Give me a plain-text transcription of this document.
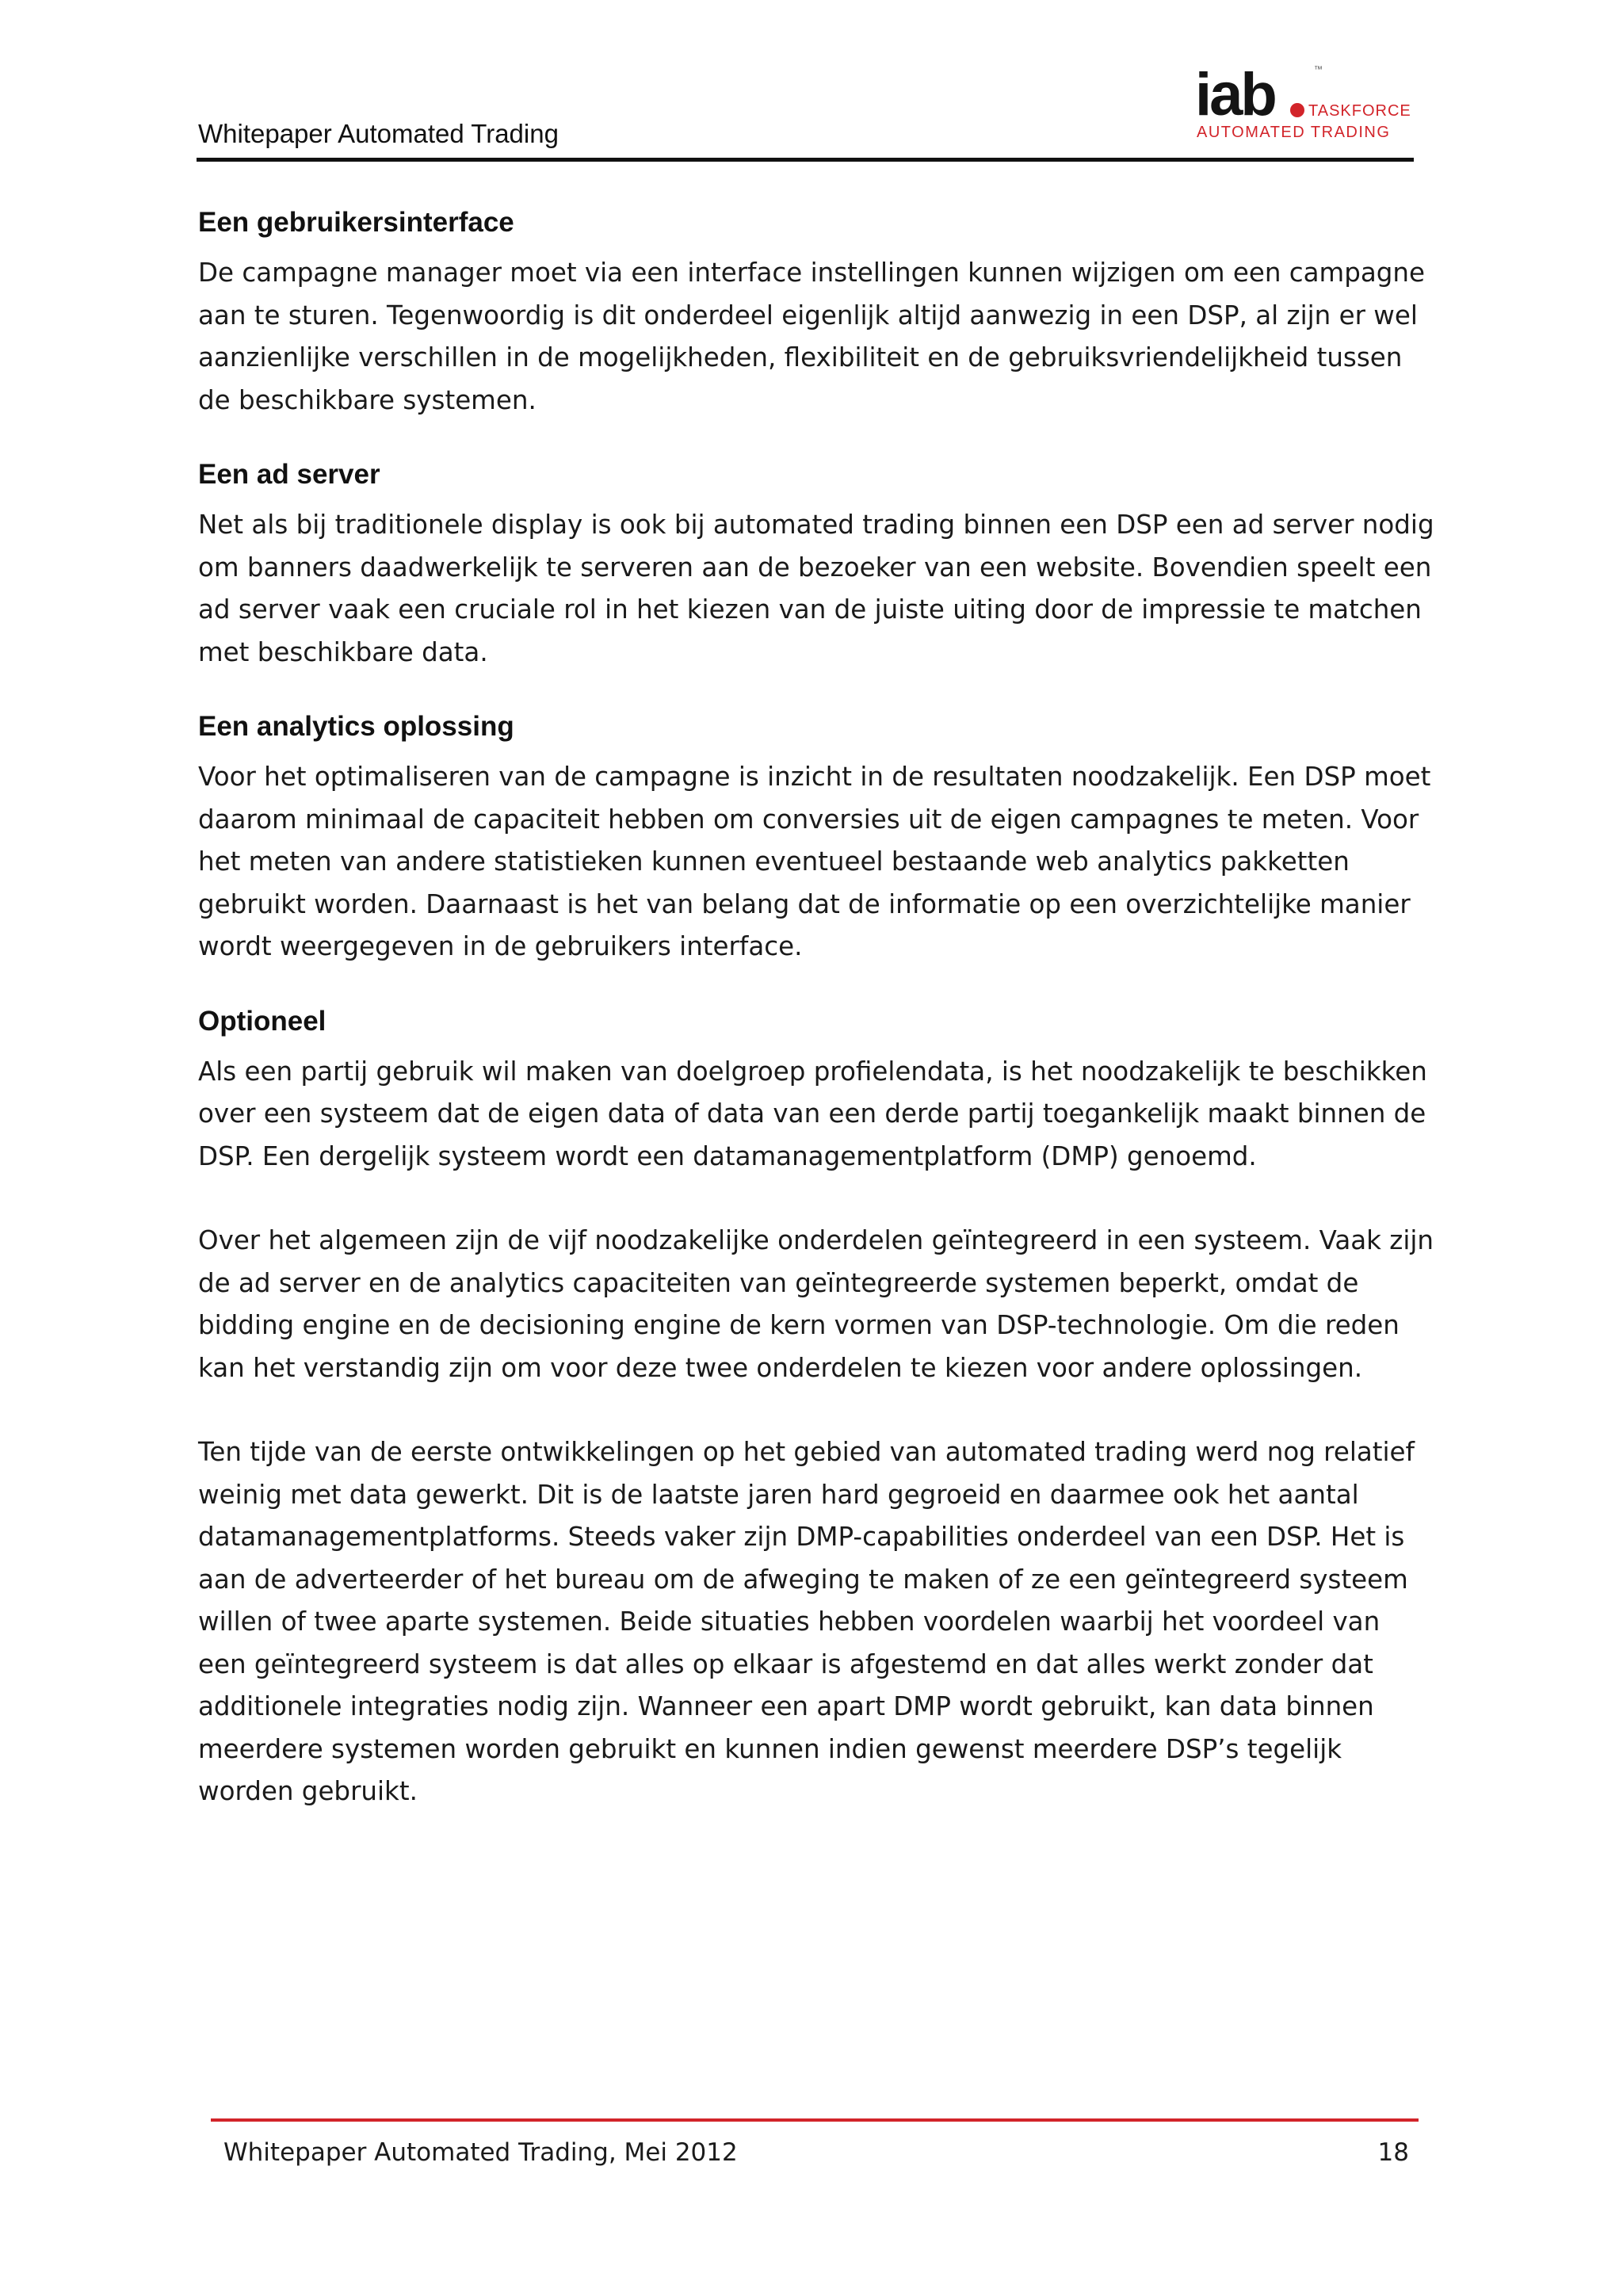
Whitepaper Automated Trading
iab	™
TASKFORCE
AUTOMATED TRADING
Een gebruikersinterface

De campagne manager moet via een interface instellingen kunnen wijzigen om een campagne aan te sturen. Tegenwoordig is dit onderdeel eigenlijk altijd aanwezig in een DSP, al zijn er wel aanzienlijke verschillen in de mogelijkheden, flexibiliteit en de gebruiksvriendelijkheid tussen de beschikbare systemen.

Een ad server

Net als bij traditionele display is ook bij automated trading binnen een DSP een ad server nodig om banners daadwerkelijk te serveren aan de bezoeker van een website. Bovendien speelt een ad server vaak een cruciale rol in het kiezen van de juiste uiting door de impressie te matchen met beschikbare data.

Een analytics oplossing

Voor het optimaliseren van de campagne is inzicht in de resultaten noodzakelijk. Een DSP moet daarom minimaal de capaciteit hebben om conversies uit de eigen campagnes te meten. Voor het meten van andere statistieken kunnen eventueel bestaande web analytics pakketten gebruikt worden. Daarnaast is het van belang dat de informatie op een overzichtelijke manier wordt weergegeven in de gebruikers interface.

Optioneel

Als een partij gebruik wil maken van doelgroep profielendata, is het noodzakelijk te beschikken over een systeem dat de eigen data of data van een derde partij toegankelijk maakt binnen de DSP. Een dergelijk systeem wordt een datamanagementplatform (DMP) genoemd.

Over het algemeen zijn de vijf noodzakelijke onderdelen geïntegreerd in een systeem. Vaak zijn de ad server en de analytics capaciteiten van geïntegreerde systemen beperkt, omdat de bidding engine en de decisioning engine de kern vormen van DSP-technologie. Om die reden kan het verstandig zijn om voor deze twee onderdelen te kiezen voor andere oplossingen.

Ten tijde van de eerste ontwikkelingen op het gebied van automated trading werd nog relatief weinig met data gewerkt. Dit is de laatste jaren hard gegroeid en daarmee ook het aantal datamanagementplatforms. Steeds vaker zijn DMP-capabilities onderdeel van een DSP. Het is aan de adverteerder of het bureau om de afweging te maken of ze een geïntegreerd systeem willen of twee aparte systemen. Beide situaties hebben voordelen waarbij het voordeel van een geïntegreerd systeem is dat alles op elkaar is afgestemd en dat alles werkt zonder dat additionele integraties nodig zijn. Wanneer een apart DMP wordt gebruikt, kan data binnen meerdere systemen worden gebruikt en kunnen indien gewenst meerdere DSP’s tegelijk worden gebruikt.

Whitepaper Automated Trading, Mei 2012	18
